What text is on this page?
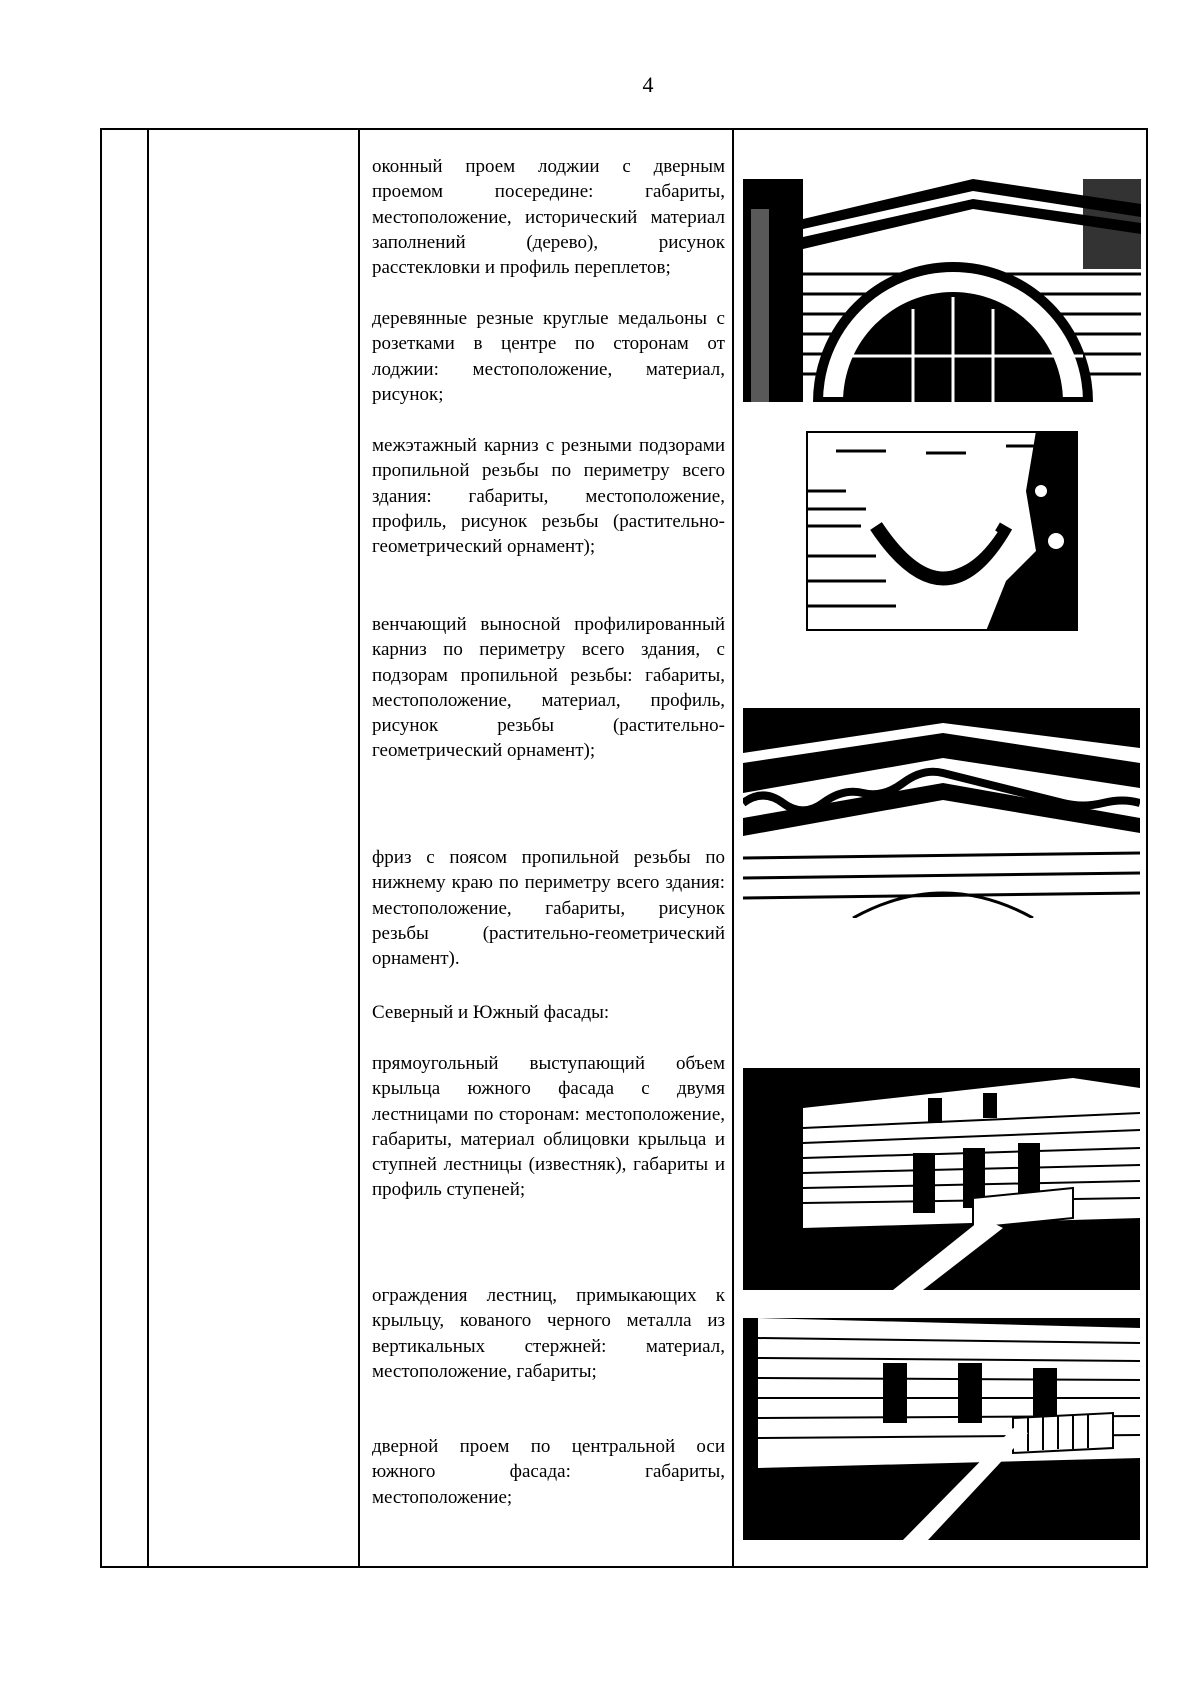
4

оконный проем лоджии с дверным проемом посередине: габариты, местоположение, исторический материал заполнений (дерево), рисунок расстекловки и профиль переплетов;

деревянные резные круглые медальоны с розетками в центре по сторонам от лоджии: местоположение, материал, рисунок;

межэтажный карниз с резными подзорами пропильной резьбы по периметру всего здания: габариты, местоположение, профиль, рисунок резьбы (растительно-геометрический орнамент);

венчающий выносной профилированный карниз по периметру всего здания, с подзорам пропильной резьбы: габариты, местоположение, материал, профиль, рисунок резьбы (растительно-геометрический орнамент);

фриз с поясом пропильной резьбы по нижнему краю по периметру всего здания: местоположение, габариты, рисунок резьбы (растительно-геометрический орнамент).

Северный и Южный фасады:

прямоугольный выступающий объем крыльца южного фасада с двумя лестницами по сторонам: местоположение, габариты, материал облицовки крыльца и ступней лестницы (известняк), габариты и профиль ступеней;

ограждения лестниц, примыкающих к крыльцу, кованого черного металла из вертикальных стержней: материал, местоположение, габариты;

дверной проем по центральной оси южного фасада: габариты, местоположение;
